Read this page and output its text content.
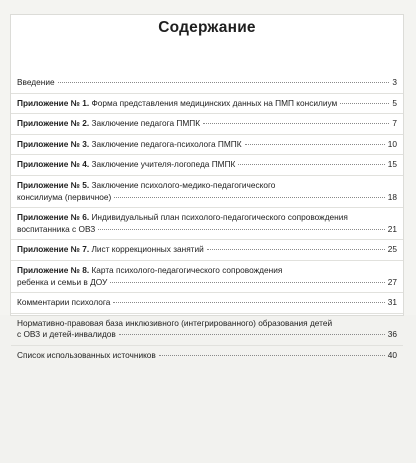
Содержание
Введение	3
Приложение № 1. Форма представления медицинских данных на ПМП консилиум	5
Приложение № 2. Заключение педагога ПМПК	7
Приложение № 3. Заключение педагога-психолога ПМПК	10
Приложение № 4. Заключение учителя-логопеда ПМПК	15
Приложение № 5. Заключение психолого-медико-педагогического
консилиума (первичное)	18
Приложение № 6. Индивидуальный план психолого-педагогического сопровождения
воспитанника с ОВЗ	21
Приложение № 7. Лист коррекционных занятий	25
Приложение № 8. Карта психолого-педагогического сопровождения
ребенка и семьи в ДОУ	27
Комментарии психолога	31
Нормативно-правовая база инклюзивного (интегрированного) образования детей
с ОВЗ и детей-инвалидов	36
Список использованных источников	40
